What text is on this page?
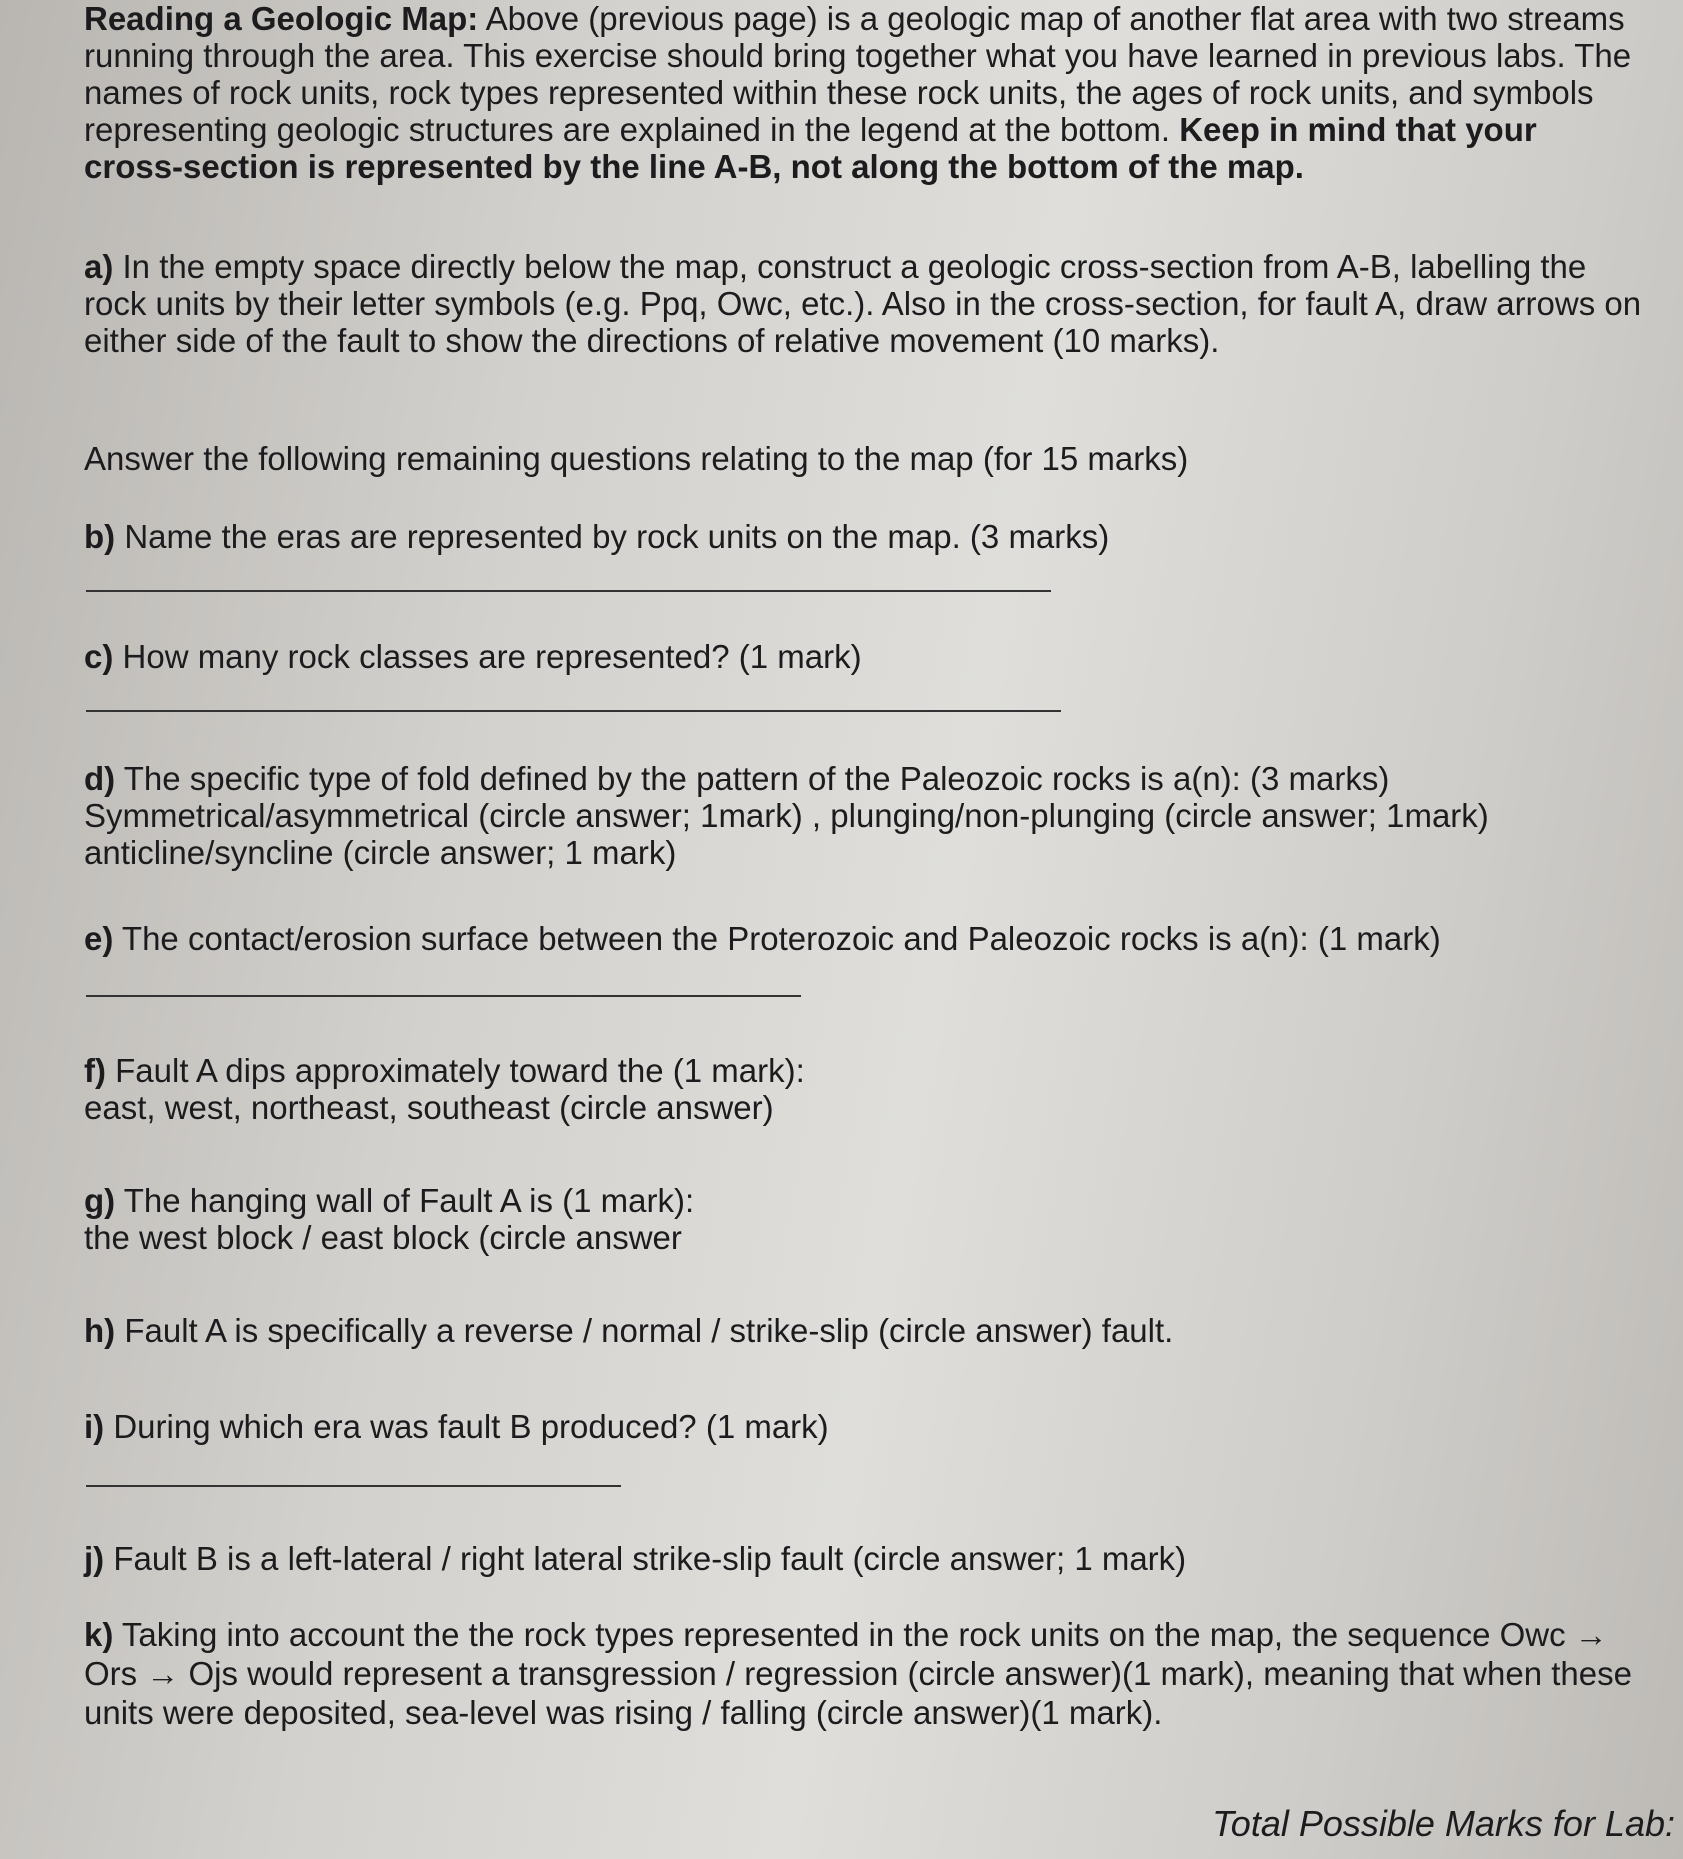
Reading a Geologic Map: Above (previous page) is a geologic map of another flat area with two streams running through the area. This exercise should bring together what you have learned in previous labs. The names of rock units, rock types represented within these rock units, the ages of rock units, and symbols representing geologic structures are explained in the legend at the bottom. Keep in mind that your cross-section is represented by the line A-B, not along the bottom of the map.
a) In the empty space directly below the map, construct a geologic cross-section from A-B, labelling the rock units by their letter symbols (e.g. Ppq, Owc, etc.). Also in the cross-section, for fault A, draw arrows on either side of the fault to show the directions of relative movement (10 marks).
Answer the following remaining questions relating to the map (for 15 marks)
b) Name the eras are represented by rock units on the map. (3 marks)
c) How many rock classes are represented? (1 mark)
d) The specific type of fold defined by the pattern of the Paleozoic rocks is a(n): (3 marks)
Symmetrical/asymmetrical (circle answer; 1mark) , plunging/non-plunging (circle answer; 1mark) anticline/syncline (circle answer; 1 mark)
e) The contact/erosion surface between the Proterozoic and Paleozoic rocks is a(n): (1 mark)
f) Fault A dips approximately toward the (1 mark):
east, west, northeast, southeast (circle answer)
g) The hanging wall of Fault A is (1 mark):
the west block / east block (circle answer
h) Fault A is specifically a reverse / normal / strike-slip (circle answer) fault.
i) During which era was fault B produced? (1 mark)
j) Fault B is a left-lateral / right lateral strike-slip fault (circle answer; 1 mark)
k) Taking into account the the rock types represented in the rock units on the map, the sequence Owc → Ors → Ojs would represent a transgression / regression (circle answer)(1 mark), meaning that when these units were deposited, sea-level was rising / falling (circle answer)(1 mark).
Total Possible Marks for Lab:
